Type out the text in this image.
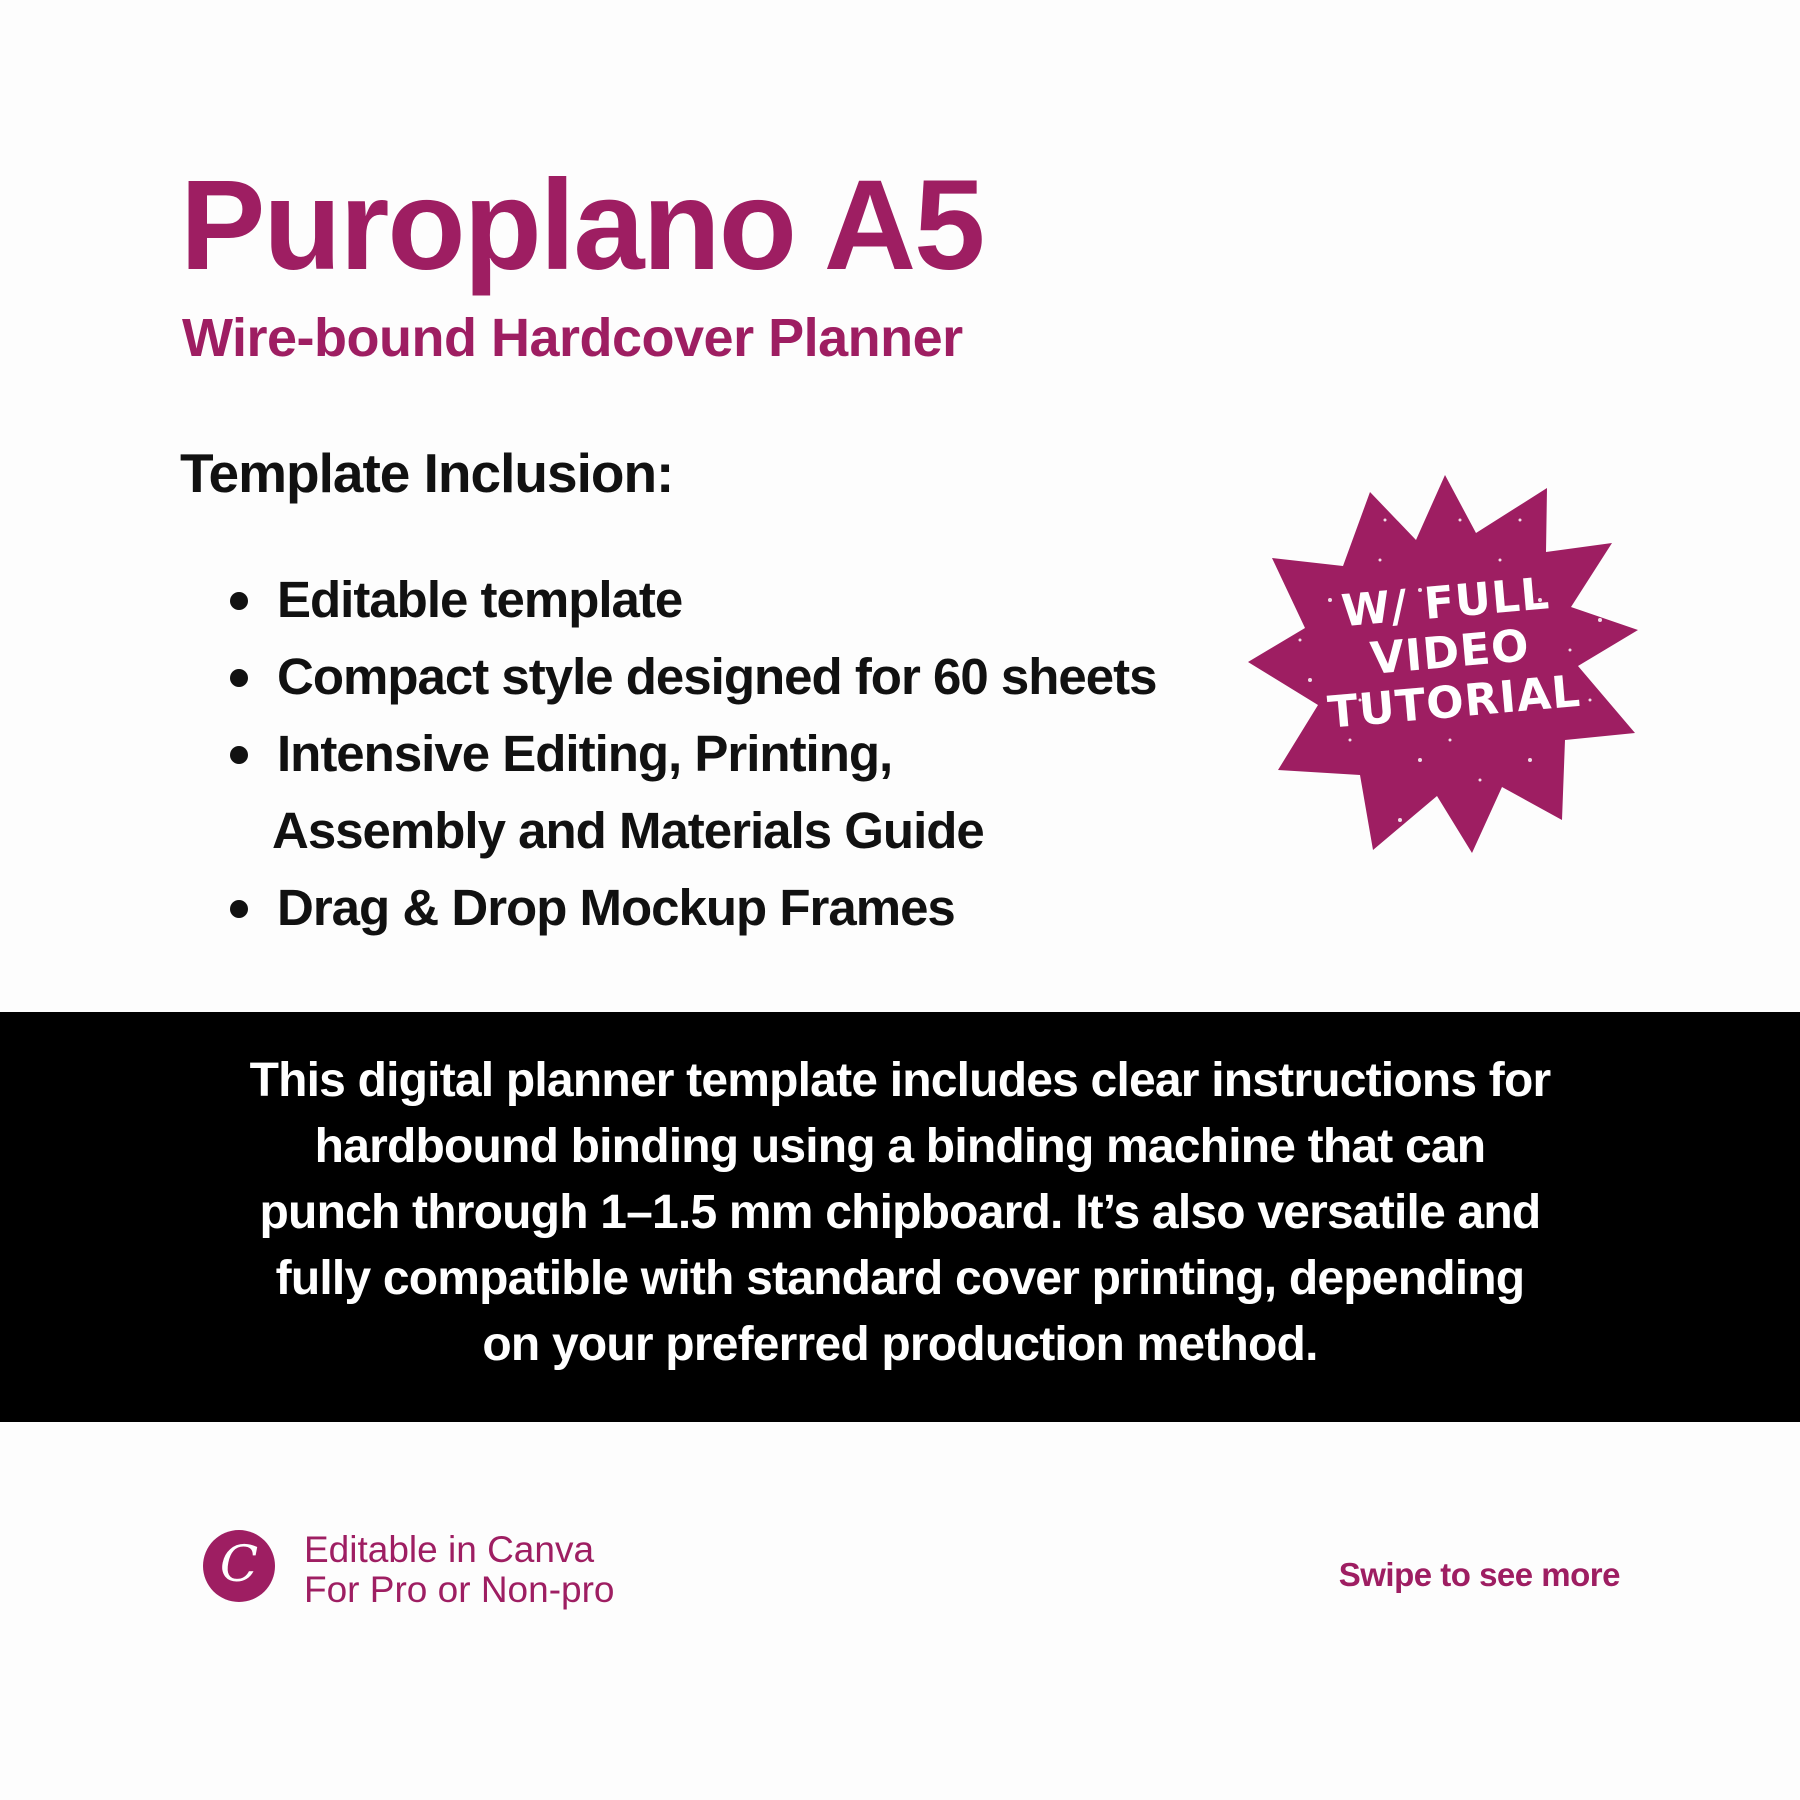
Puroplano A5
Wire-bound Hardcover Planner
Template Inclusion:
Editable template
Compact style designed for 60 sheets
Intensive Editing, Printing,
Assembly and Materials Guide
Drag & Drop Mockup Frames
W/ FULL
VIDEO
TUTORIAL
This digital planner template includes clear instructions for
hardbound binding using a binding machine that can
punch through 1–1.5 mm chipboard. It’s also versatile and
fully compatible with standard cover printing, depending
on your preferred production method.
C Editable in Canva
For Pro or Non-pro	Swipe to see more
